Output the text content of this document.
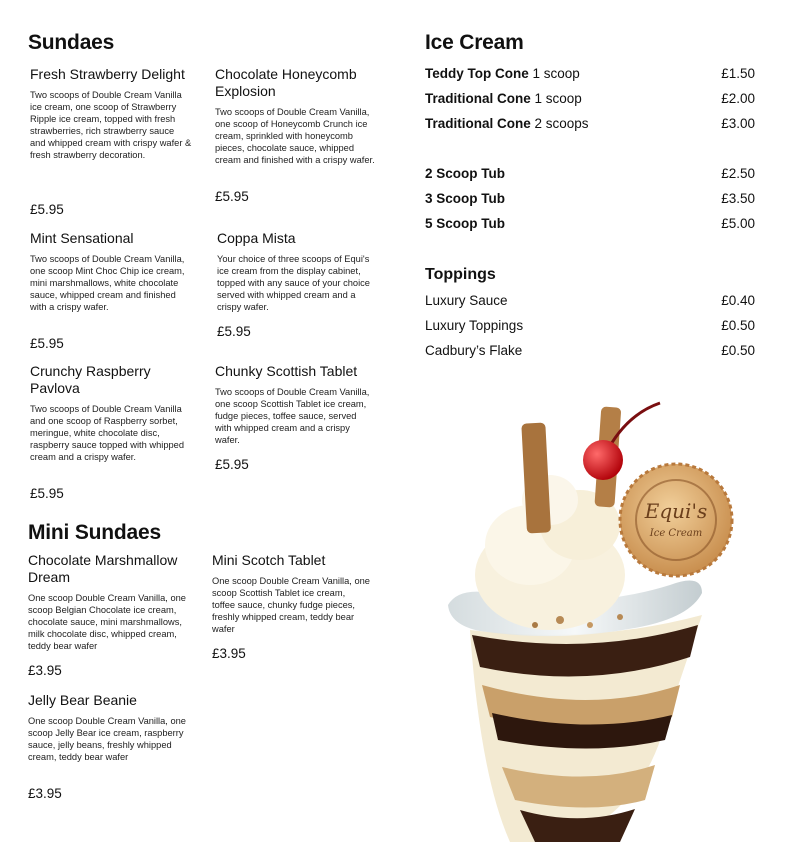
Sundaes
Fresh Strawberry Delight
Two scoops of Double Cream Vanilla ice cream, one scoop of Strawberry Ripple ice cream, topped with fresh strawberries, rich strawberry sauce and whipped cream with crispy wafer & fresh strawberry decoration.
£5.95
Chocolate Honeycomb Explosion
Two scoops of Double Cream Vanilla, one scoop of Honeycomb Crunch ice cream, sprinkled with honeycomb pieces, chocolate sauce, whipped cream and finished with a crispy wafer.
£5.95
Mint Sensational
Two scoops of Double Cream Vanilla, one scoop Mint Choc Chip ice cream, mini marshmallows, white chocolate sauce, whipped cream and finished with a crispy wafer.
£5.95
Coppa Mista
Your choice of three scoops of Equi's ice cream from the display cabinet, topped with any sauce of your choice served with whipped cream and a crispy wafer.
£5.95
Crunchy Raspberry Pavlova
Two scoops of Double Cream Vanilla and one scoop of Raspberry sorbet, meringue, white chocolate disc, raspberry sauce topped with whipped cream and a crispy wafer.
£5.95
Chunky Scottish Tablet
Two scoops of Double Cream Vanilla, one scoop Scottish Tablet ice cream, fudge pieces, toffee sauce, served with whipped cream and a crispy wafer.
£5.95
Mini Sundaes
Chocolate Marshmallow Dream
One scoop Double Cream Vanilla, one scoop Belgian Chocolate ice cream, chocolate sauce, mini marshmallows, milk chocolate disc, whipped cream, teddy bear wafer
£3.95
Mini Scotch Tablet
One scoop Double Cream Vanilla, one scoop Scottish Tablet ice cream, toffee sauce, chunky fudge pieces, freshly whipped cream, teddy bear wafer
£3.95
Jelly Bear Beanie
One scoop Double Cream Vanilla, one scoop Jelly Bear ice cream, raspberry sauce, jelly beans, freshly whipped cream, teddy bear wafer
£3.95
Ice Cream
Teddy Top Cone 1 scoop	£1.50
Traditional Cone 1 scoop	£2.00
Traditional Cone 2 scoops	£3.00
2 Scoop Tub	£2.50
3 Scoop Tub	£3.50
5 Scoop Tub	£5.00
Toppings
Luxury Sauce	£0.40
Luxury Toppings	£0.50
Cadbury’s Flake	£0.50
Equi's
Ice Cream
